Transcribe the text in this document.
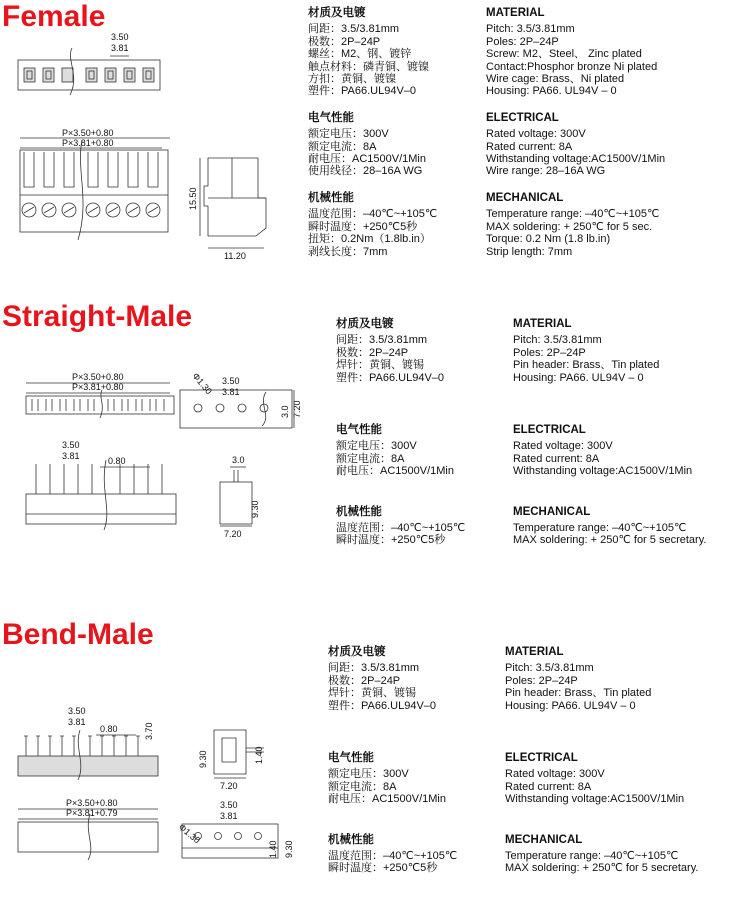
Female
3.50
3.81
P×3.50+0.80
P×3.81+0.80
15.50
11.20
材质及电镀
间距：3.5/3.81mm
极数：2P–24P
螺丝：M2、钢、镀锌
触点材料：磷青铜、镀镍
方扣：黄铜、镀镍
塑件：PA66.UL94V–0
电气性能
额定电压：300V
额定电流：8A
耐电压：AC1500V/1Min
使用线径：28–16A WG
机械性能
温度范围：–40℃~+105℃
瞬时温度：+250℃5秒
扭矩：0.2Nm（1.8lb.in）
剥线长度：7mm
MATERIAL
Pitch: 3.5/3.81mm
Poles: 2P–24P
Screw: M2、Steel、 Zinc plated
Contact:Phosphor bronze Ni plated
Wire cage: Brass、Ni plated
Housing: PA66. UL94V – 0
ELECTRICAL
Rated voltage: 300V
Rated current: 8A
Withstanding voltage:AC1500V/1Min
Wire range: 28–16A WG
MECHANICAL
Temperature range: –40℃~+105℃
MAX soldering: + 250℃ for 5 sec.
Torque: 0.2 Nm (1.8 lb.in)
Strip length: 7mm
Straight-Male
P×3.50+0.80
P×3.81+0.80	Φ1.30 3.50
3.81
3.0 7.20
3.50
3.81	0.80	3.0
9.30
7.20
材质及电镀
间距：3.5/3.81mm
极数：2P–24P
焊针：黄铜、镀锡
塑件：PA66.UL94V–0
电气性能
额定电压：300V
额定电流：8A
耐电压：AC1500V/1Min
机械性能
温度范围：–40℃~+105℃
瞬时温度：+250℃5秒
MATERIAL
Pitch: 3.5/3.81mm
Poles: 2P–24P
Pin header: Brass、Tin plated
Housing: PA66. UL94V – 0
ELECTRICAL
Rated voltage: 300V
Rated current: 8A
Withstanding voltage:AC1500V/1Min
MECHANICAL
Temperature range: –40℃~+105℃
MAX soldering: + 250℃ for 5 secretary.
Bend-Male
3.50
3.81
0.80	3.70
9.30	1.40
7.20
P×3.50+0.80
P×3.81+0.79
Φ1.30
3.50
3.81
1.40 9.30
材质及电镀
间距：3.5/3.81mm
极数：2P–24P
焊针：黄铜、镀锡
塑件：PA66.UL94V–0
电气性能
额定电压：300V
额定电流：8A
耐电压：AC1500V/1Min
机械性能
温度范围：–40℃~+105℃
瞬时温度：+250℃5秒
MATERIAL
Pitch: 3.5/3.81mm
Poles: 2P–24P
Pin header: Brass、Tin plated
Housing: PA66. UL94V – 0
ELECTRICAL
Rated voltage: 300V
Rated current: 8A
Withstanding voltage:AC1500V/1Min
MECHANICAL
Temperature range: –40℃~+105℃
MAX soldering: + 250℃ for 5 secretary.
